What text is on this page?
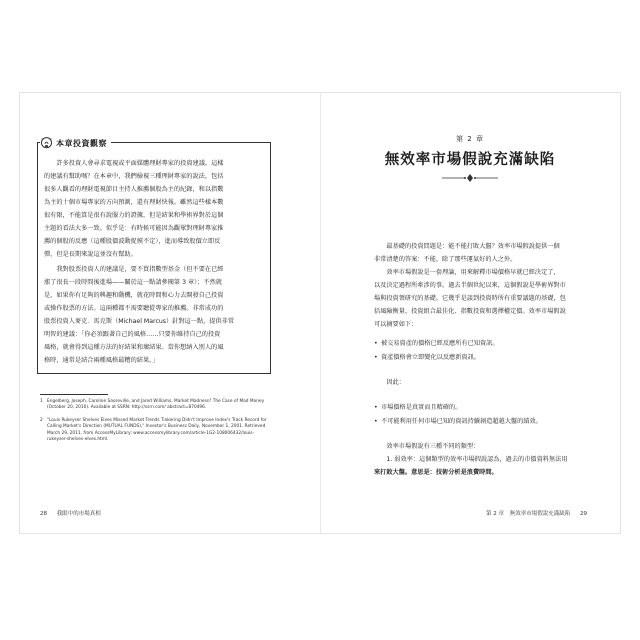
本章投資觀察

許多投資人會尋求電視或平面媒體理財專家的投資建議。這樣
的建議有幫助嗎？在本章中，我們檢視三種理財專家的說法，包括
很多人觀看的理財電視節目主持人推薦個股為主的紀錄，和以指數
為主的十個市場專家的方向預測，還有理財快報。雖然這些樣本數
很有限，不能算是很有說服力的證據，但是結果和學術界對於這個
主題的看法大多一致。似乎是：有時候可能因為觀眾對理財專家推
薦的個股的反應（這種股價波動捉摸不定），進而導致股價立即反
彈，但是長期來說這並沒有幫助。

我對股票投資人的建議是，要不買指數型基金（但不要在已經
漲了很長一段時間後進場——關於這一點請參閱第 3 章）；不然就
是，如果你有足夠的興趣和動機，就花時間和心力去開發自己投資
或操作股票的方法。這兩種都不需要聽從專家的推薦。非常成功的
股票投資人麥克．馬克斯（Michael Marcus）針對這一點，提供非常
明智的建議：「你必須跟著自己的風格……只要你維持自己的投資
風格，就會得到這種方法的好結果和壞結果。當你想納入別人的風
格時，通常是結合兩種風格最糟的結果。」

1 Engelberg, Joseph, Caroline Sasseville, and Jared Williams, Market Madness? The Case of Mad Money (October 20, 2010). Available at SSRN: http://ssrn.com/ abstract=870496.

2 "Louis Rukeyser Shelves Elves Missed Market Trends Tinkering Didn't Improve Index's Track Record for Calling Market's Direction (MUTUAL FUNDS)," Investor's Business Daily, November 1, 2001. Retrieved March 29, 2011, from AccessMyLibrary: www.accessmylibrary.com/article-1G2-108006432/louis-rukeyser-shelves-elves.html.

28 我眼中的市場真相
第 2 章
無效率市場假說充滿缺陷

最基礎的投資問題是：能不能打敗大盤？效率市場假說提供一個
非常清楚的答案：不能，除了那些運氣好的人之外。

效率市場假說是一套理論，用來解釋市場價格早就已經決定了，
以及決定過程所牽涉的事。過去半個世紀以來，這個假說是學術界對市
場與投資領研究的基礎。它幾乎是談到投資時所有重要議題的基礎，包
括風險衡量、投資組合最佳化、指數投資和選擇權定價。效率市場假說
可以摘要如下：

• 被交易資產的價格已經反應所有已知資訊。
• 資產價格會立即變化以反應新資訊。
因此：
• 市場價格是真實而且精確的。
• 不可能利用任何市場已知的資訊持續創造超越大盤的績效。

效率市場假說有三種不同的類型：
1. 弱效率：這個類型的效率市場假說認為，過去的市價資料無法用
來打敗大盤。意思是：技術分析是浪費時間。

第 2 章 無效率市場假說充滿缺陷 29
